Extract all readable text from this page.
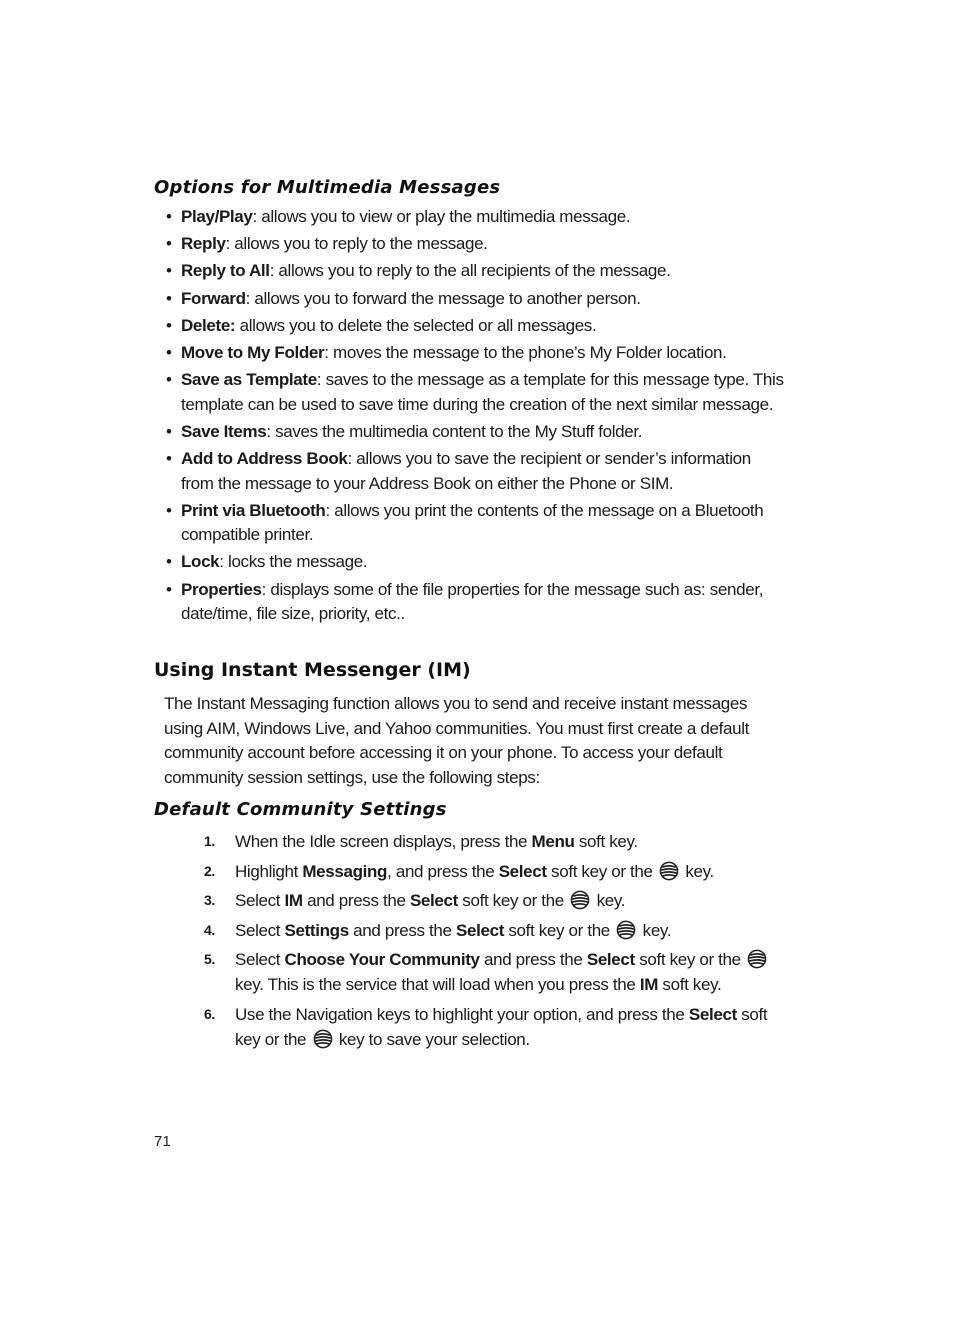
Options for Multimedia Messages
• Play/Play: allows you to view or play the multimedia message.
• Reply: allows you to reply to the message.
• Reply to All: allows you to reply to the all recipients of the message.
• Forward: allows you to forward the message to another person.
• Delete: allows you to delete the selected or all messages.
• Move to My Folder: moves the message to the phone’s My Folder location.
• Save as Template: saves to the message as a template for this message type. This template can be used to save time during the creation of the next similar message.
• Save Items: saves the multimedia content to the My Stuff folder.
• Add to Address Book: allows you to save the recipient or sender’s information from the message to your Address Book on either the Phone or SIM.
• Print via Bluetooth: allows you print the contents of the message on a Bluetooth compatible printer.
• Lock: locks the message.
• Properties: displays some of the file properties for the message such as: sender, date/time, file size, priority, etc..
Using Instant Messenger (IM)

The Instant Messaging function allows you to send and receive instant messages using AIM, Windows Live, and Yahoo communities. You must first create a default community account before accessing it on your phone. To access your default community session settings, use the following steps:

Default Community Settings
1. When the Idle screen displays, press the Menu soft key.
2. Highlight Messaging, and press the Select soft key or the  key.
3. Select IM and press the Select soft key or the  key.
4. Select Settings and press the Select soft key or the  key.
5. Select Choose Your Community and press the Select soft key or the  key. This is the service that will load when you press the IM soft key.
6. Use the Navigation keys to highlight your option, and press the Select soft key or the  key to save your selection.

71
